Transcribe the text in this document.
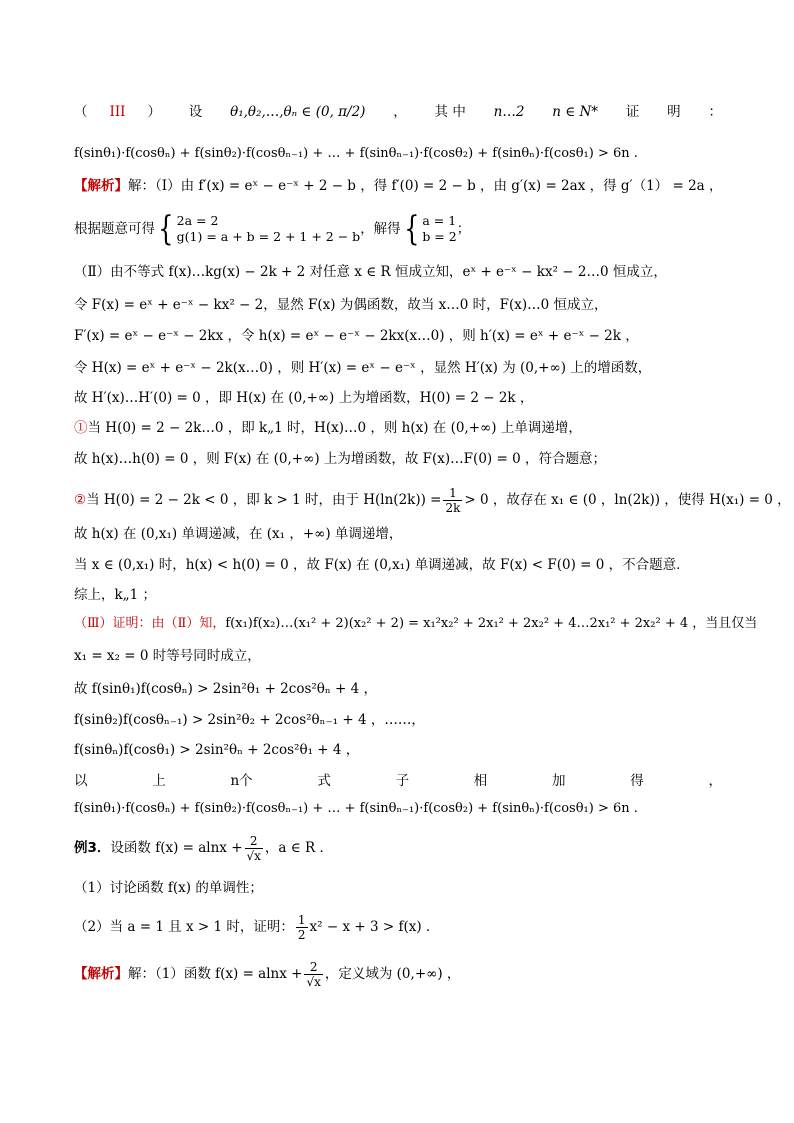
（ III ） 设 θ₁,θ₂,…,θₙ ∈ (0, π/2) ， 其 中 n…2 n ∈ N* 证 明 ：
f(sinθ₁)·f(cosθₙ) + f(sinθ₂)·f(cosθₙ₋₁) + … + f(sinθₙ₋₁)·f(cosθ₂) + f(sinθₙ)·f(cosθ₁) > 6n .
【解析】解：（Ⅰ）由 f′(x) = eˣ − e⁻ˣ + 2 − b ，得 f′(0) = 2 − b ，由 g′(x) = 2ax ，得 g′（1） = 2a ，
根据题意可得 { 2a = 2
g(1) = a + b = 2 + 1 + 2 − b ，解得 { a = 1
b = 2 ；
（Ⅱ）由不等式 f(x)…kg(x) − 2k + 2 对任意 x ∈ R 恒成立知，eˣ + e⁻ˣ − kx² − 2…0 恒成立，
令 F(x) = eˣ + e⁻ˣ − kx² − 2，显然 F(x) 为偶函数，故当 x…0 时，F(x)…0 恒成立，
F′(x) = eˣ − e⁻ˣ − 2kx ，令 h(x) = eˣ − e⁻ˣ − 2kx(x…0) ，则 h′(x) = eˣ + e⁻ˣ − 2k ，
令 H(x) = eˣ + e⁻ˣ − 2k(x…0) ，则 H′(x) = eˣ − e⁻ˣ ，显然 H′(x) 为 (0,+∞) 上的增函数，
故 H′(x)…H′(0) = 0 ，即 H(x) 在 (0,+∞) 上为增函数，H(0) = 2 − 2k ，
①当 H(0) = 2 − 2k…0 ，即 k„1 时，H(x)…0 ，则 h(x) 在 (0,+∞) 上单调递增，
故 h(x)…h(0) = 0 ，则 F(x) 在 (0,+∞) 上为增函数，故 F(x)…F(0) = 0 ，符合题意；
② 当 H(0) = 2 − 2k < 0 ，即 k > 1 时，由于 $H(\ln(2k)) = \frac{1}{2k} > 0$ ，故存在 x₁ ∈ (0 ，ln(2k)) ，使得 H(x₁) = 0 ，
故 h(x) 在 (0,x₁) 单调递减，在 (x₁ ，+∞) 单调递增，
当 x ∈ (0,x₁) 时，h(x) < h(0) = 0 ，故 F(x) 在 (0,x₁) 单调递减，故 F(x) < F(0) = 0 ，不合题意．
综上，k„1 ；
（Ⅲ）证明：由（Ⅱ）知，f(x₁)f(x₂)…(x₁² + 2)(x₂² + 2) = x₁²x₂² + 2x₁² + 2x₂² + 4…2x₁² + 2x₂² + 4 ，当且仅当
x₁ = x₂ = 0 时等号同时成立，
故 f(sinθ₁)f(cosθₙ) > 2sin²θ₁ + 2cos²θₙ + 4 ，
f(sinθ₂)f(cosθₙ₋₁) > 2sin²θ₂ + 2cos²θₙ₋₁ + 4 ，……，
f(sinθₙ)f(cosθ₁) > 2sin²θₙ + 2cos²θ₁ + 4 ，
以	上	n个	式	子	相	加	得	，
f(sinθ₁)·f(cosθₙ) + f(sinθ₂)·f(cosθₙ₋₁) + … + f(sinθₙ₋₁)·f(cosθ₂) + f(sinθₙ)·f(cosθ₁) > 6n .
例3． 设函数 $f(x) = alnx + \frac{2}{√x}$ ，a ∈ R ．
（1）讨论函数 f(x) 的单调性；
（2）当 a = 1 且 x > 1 时，证明： $\frac{1}{2} x^2 - x + 3 > f(x)$ ．
【解析】 解：（1）函数 $f(x) = alnx + \frac{2}{√x}$ ，定义域为 (0,+∞) ，
